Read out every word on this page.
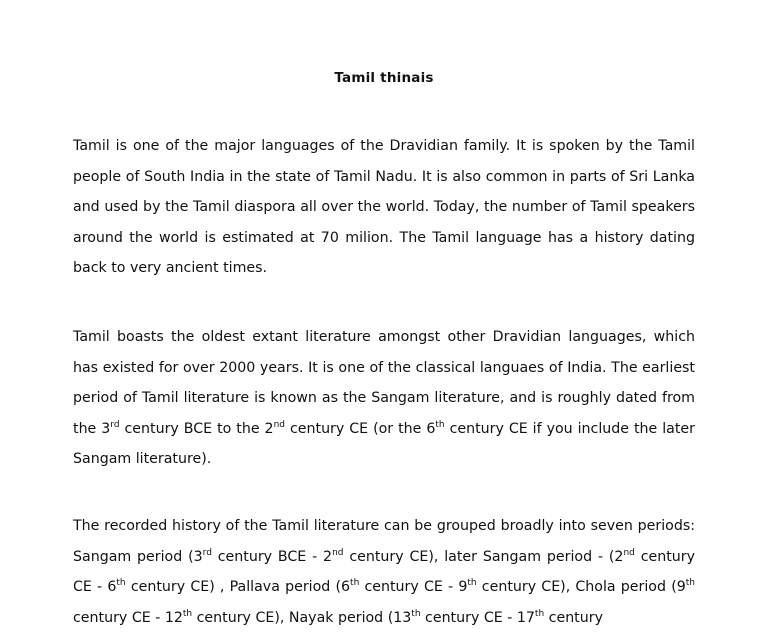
Tamil thinais

Tamil is one of the major languages of the Dravidian family. It is spoken by the Tamil people of South India in the state of Tamil Nadu. It is also common in parts of Sri Lanka and used by the Tamil diaspora all over the world. Today, the number of Tamil speakers around the world is estimated at 70 milion. The Tamil language has a history dating back to very ancient times.

Tamil boasts the oldest extant literature amongst other Dravidian languages, which has existed for over 2000 years. It is one of the classical languaes of India. The earliest period of Tamil literature is known as the Sangam literature, and is roughly dated from the 3rd century BCE to the 2nd century CE (or the 6th century CE if you include the later Sangam literature).

The recorded history of the Tamil literature can be grouped broadly into seven periods: Sangam period (3rd century BCE - 2nd century CE), later Sangam period - (2nd century CE - 6th century CE) , Pallava period (6th century CE - 9th century CE), Chola period (9th century CE - 12th century CE), Nayak period (13th century CE - 17th century
